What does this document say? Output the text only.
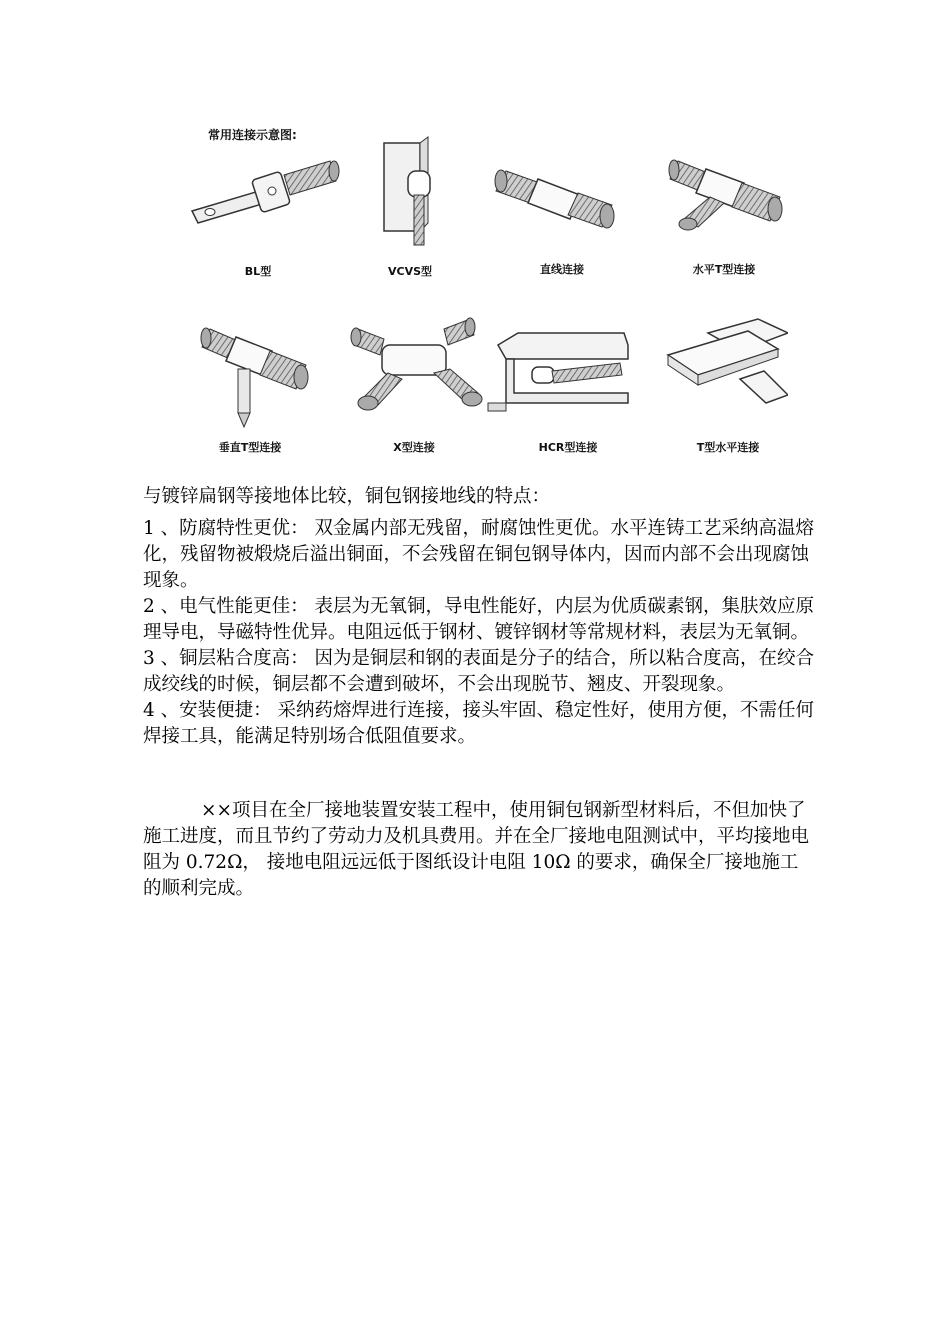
常用连接示意图:
BL型	VCVS型	直线连接	水平T型连接
垂直T型连接	X型连接	HCR型连接	T型水平连接

与镀锌扁钢等接地体比较，铜包钢接地线的特点：

1 、防腐特性更优： 双金属内部无残留，耐腐蚀性更优。水平连铸工艺采纳高温熔化，残留物被煅烧后溢出铜面，不会残留在铜包钢导体内，因而内部不会出现腐蚀现象。

2 、电气性能更佳： 表层为无氧铜，导电性能好，内层为优质碳素钢，集肤效应原理导电，导磁特性优异。电阻远低于钢材、镀锌钢材等常规材料，表层为无氧铜。

3 、铜层粘合度高： 因为是铜层和钢的表面是分子的结合，所以粘合度高，在绞合成绞线的时候，铜层都不会遭到破坏，不会出现脱节、翘皮、开裂现象。

4 、安装便捷： 采纳药熔焊进行连接，接头牢固、稳定性好，使用方便，不需任何焊接工具，能满足特别场合低阻值要求。

××项目在全厂接地装置安装工程中，使用铜包钢新型材料后，不但加快了施工进度，而且节约了劳动力及机具费用。并在全厂接地电阻测试中，平均接地电阻为 0.72Ω， 接地电阻远远低于图纸设计电阻 10Ω 的要求，确保全厂接地施工的顺利完成。
